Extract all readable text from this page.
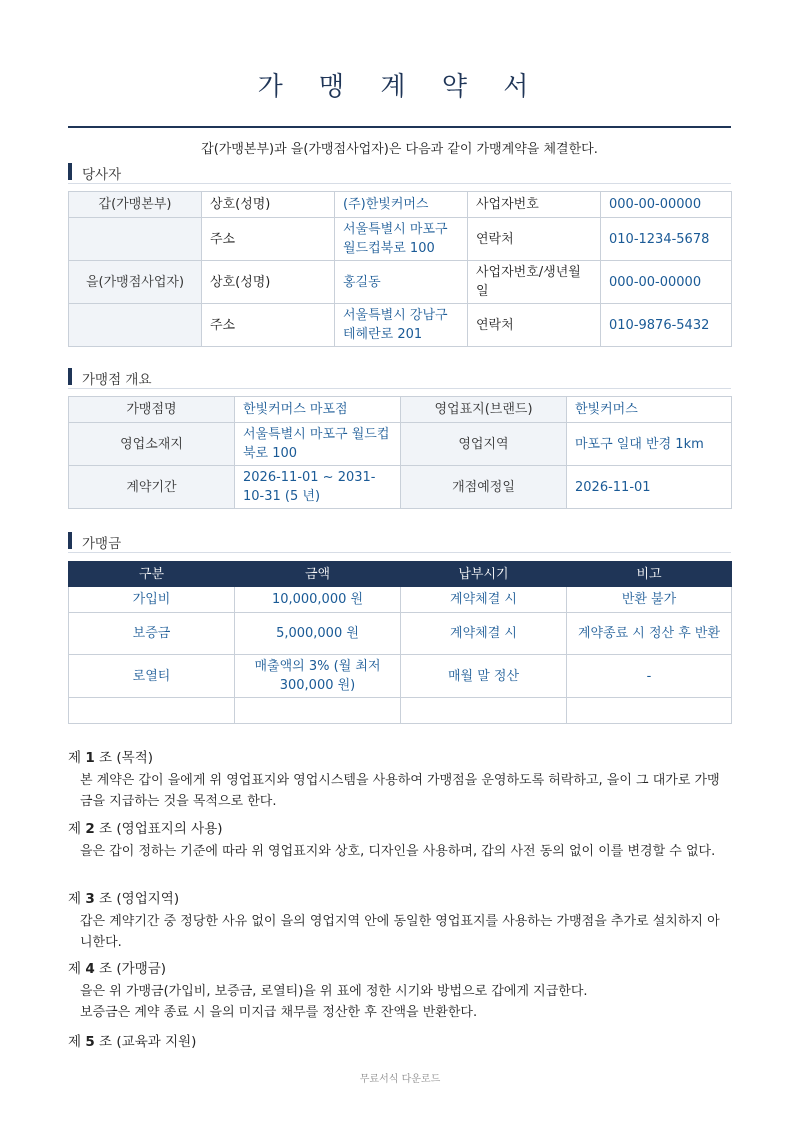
가 맹 계 약 서
갑(가맹본부)과 을(가맹점사업자)은 다음과 같이 가맹계약을 체결한다.
당사자
갑(가맹본부)	상호(성명)	(주)한빛커머스	사업자번호	000-00-00000
	주소	서울특별시 마포구 월드컵북로 100	연락처	010-1234-5678
을(가맹점사업자)	상호(성명)	홍길동	사업자번호/생년월일	000-00-00000
	주소	서울특별시 강남구 테헤란로 201	연락처	010-9876-5432
가맹점 개요
가맹점명	한빛커머스 마포점	영업표지(브랜드)	한빛커머스
영업소재지	서울특별시 마포구 월드컵북로 100	영업지역	마포구 일대 반경 1km
계약기간	2026-11-01 ~ 2031-10-31 (5 년)	개점예정일	2026-11-01
가맹금
구분	금액	납부시기	비고
가입비	10,000,000 원	계약체결 시	반환 불가
보증금	5,000,000 원	계약체결 시	계약종료 시 정산 후 반환
로열티	매출액의 3% (월 최저 300,000 원)	매월 말 정산	-

제 1 조 (목적)
본 계약은 갑이 을에게 위 영업표지와 영업시스템을 사용하여 가맹점을 운영하도록 허락하고, 을이 그 대가로 가맹금을 지급하는 것을 목적으로 한다.
제 2 조 (영업표지의 사용)
을은 갑이 정하는 기준에 따라 위 영업표지와 상호, 디자인을 사용하며, 갑의 사전 동의 없이 이를 변경할 수 없다.
제 3 조 (영업지역)
갑은 계약기간 중 정당한 사유 없이 을의 영업지역 안에 동일한 영업표지를 사용하는 가맹점을 추가로 설치하지 아니한다.
제 4 조 (가맹금)
을은 위 가맹금(가입비, 보증금, 로열티)을 위 표에 정한 시기와 방법으로 갑에게 지급한다.
보증금은 계약 종료 시 을의 미지급 채무를 정산한 후 잔액을 반환한다.
제 5 조 (교육과 지원)
무료서식 다운로드
